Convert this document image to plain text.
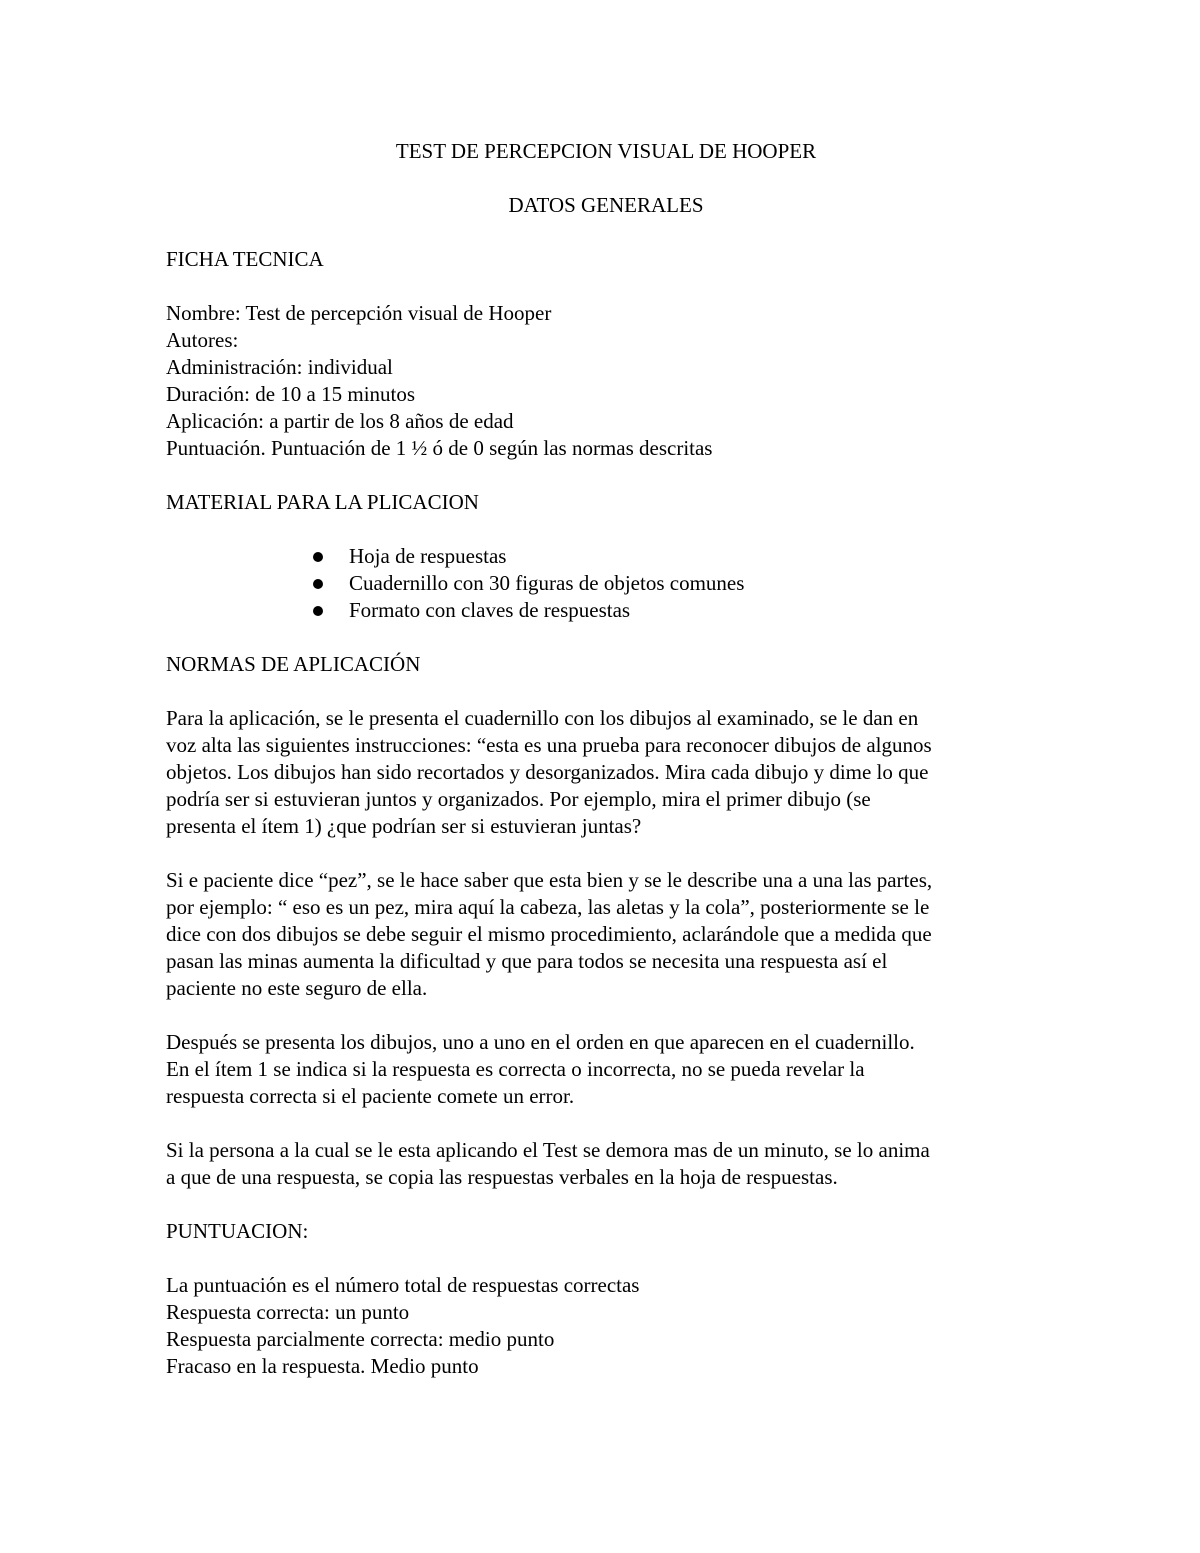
TEST DE PERCEPCION VISUAL DE HOOPER

DATOS GENERALES

FICHA TECNICA

Nombre: Test de percepción visual de Hooper

Autores:

Administración: individual

Duración: de 10 a 15 minutos

Aplicación: a partir de los 8 años de edad

Puntuación. Puntuación de 1 ½ ó de 0 según las normas descritas

MATERIAL PARA LA PLICACION

Hoja de respuestas
Cuadernillo con 30 figuras de objetos comunes
Formato con claves de respuestas

NORMAS DE APLICACIÓN

Para la aplicación, se le presenta el cuadernillo con los dibujos al examinado, se le dan en
voz alta las siguientes instrucciones: “esta es una prueba para reconocer dibujos de algunos
objetos. Los dibujos han sido recortados y desorganizados. Mira cada dibujo y dime lo que
podría ser si estuvieran juntos y organizados. Por ejemplo, mira el primer dibujo (se
presenta el ítem 1) ¿que podrían ser si estuvieran juntas?

Si e paciente dice “pez”, se le hace saber que esta bien y se le describe una a una las partes,
por ejemplo: “ eso es un pez, mira aquí la cabeza, las aletas y la cola”, posteriormente se le
dice con dos dibujos se debe seguir el mismo procedimiento, aclarándole que a medida que
pasan las minas aumenta la dificultad y que para todos se necesita una respuesta así el
paciente no este seguro de ella.

Después se presenta los dibujos, uno a uno en el orden en que aparecen en el cuadernillo.
En el ítem 1 se indica si la respuesta es correcta o incorrecta, no se pueda revelar la
respuesta correcta si el paciente comete un error.

Si la persona a la cual se le esta aplicando el Test se demora mas de un minuto, se lo anima
a que de una respuesta, se copia las respuestas verbales en la hoja de respuestas.

PUNTUACION:

La puntuación es el número total de respuestas correctas

Respuesta correcta: un punto

Respuesta parcialmente correcta: medio punto

Fracaso en la respuesta. Medio punto
